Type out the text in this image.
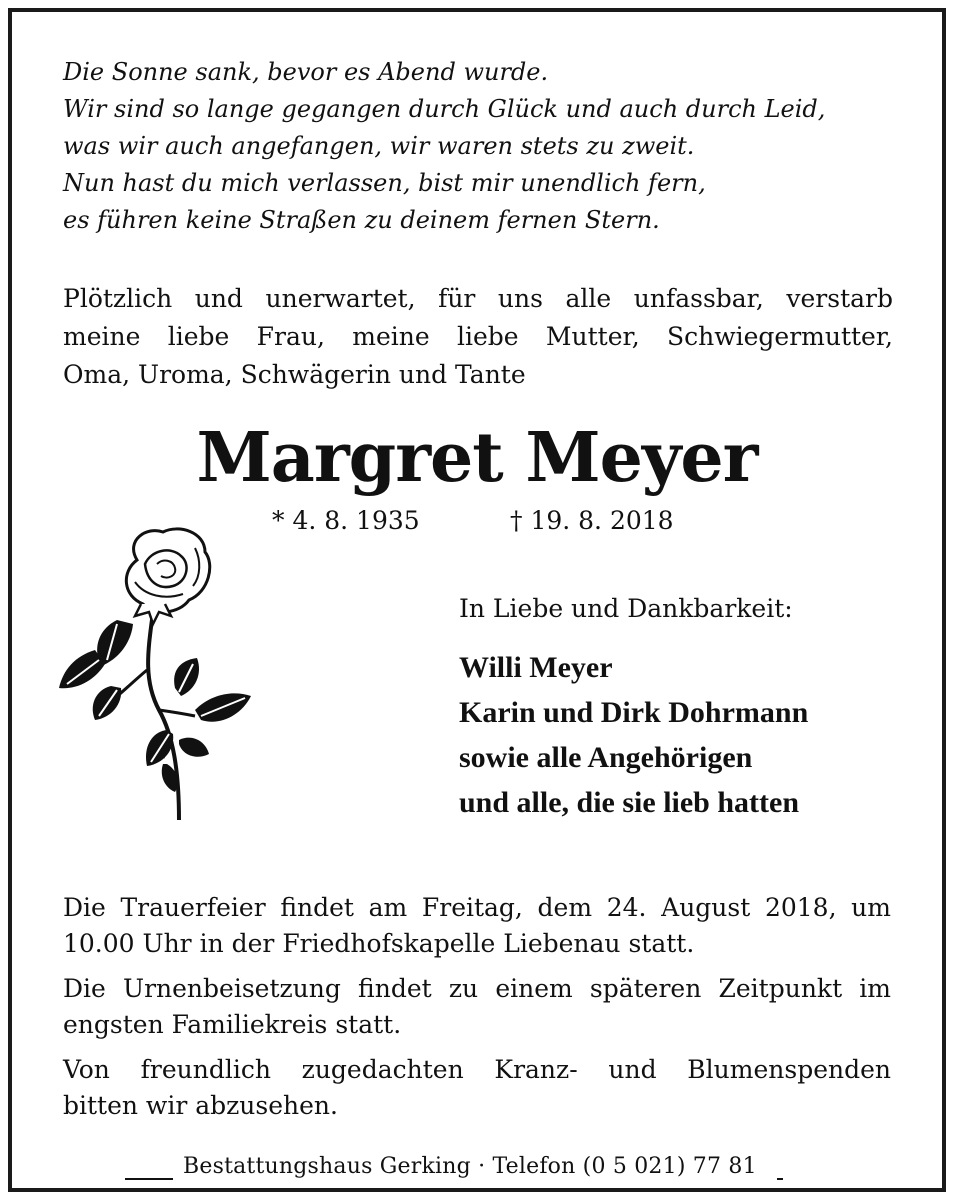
Die Sonne sank, bevor es Abend wurde.
Wir sind so lange gegangen durch Glück und auch durch Leid,
was wir auch angefangen, wir waren stets zu zweit.
Nun hast du mich verlassen, bist mir unendlich fern,
es führen keine Straßen zu deinem fernen Stern.
Plötzlich und unerwartet, für uns alle unfassbar, verstarb
meine liebe Frau, meine liebe Mutter, Schwiegermutter,
Oma, Uroma, Schwägerin und Tante
Margret Meyer
* 4. 8. 1935	† 19. 8. 2018
In Liebe und Dankbarkeit:
Willi Meyer
Karin und Dirk Dohrmann
sowie alle Angehörigen
und alle, die sie lieb hatten

Die Trauerfeier findet am Freitag, dem 24. August 2018, um
10.00 Uhr in der Friedhofskapelle Liebenau statt.

Die Urnenbeisetzung findet zu einem späteren Zeitpunkt im
engsten Familiekreis statt.

Von freundlich zugedachten Kranz- und Blumenspenden
bitten wir abzusehen.

Bestattungshaus Gerking · Telefon (0 5 021) 77 81
